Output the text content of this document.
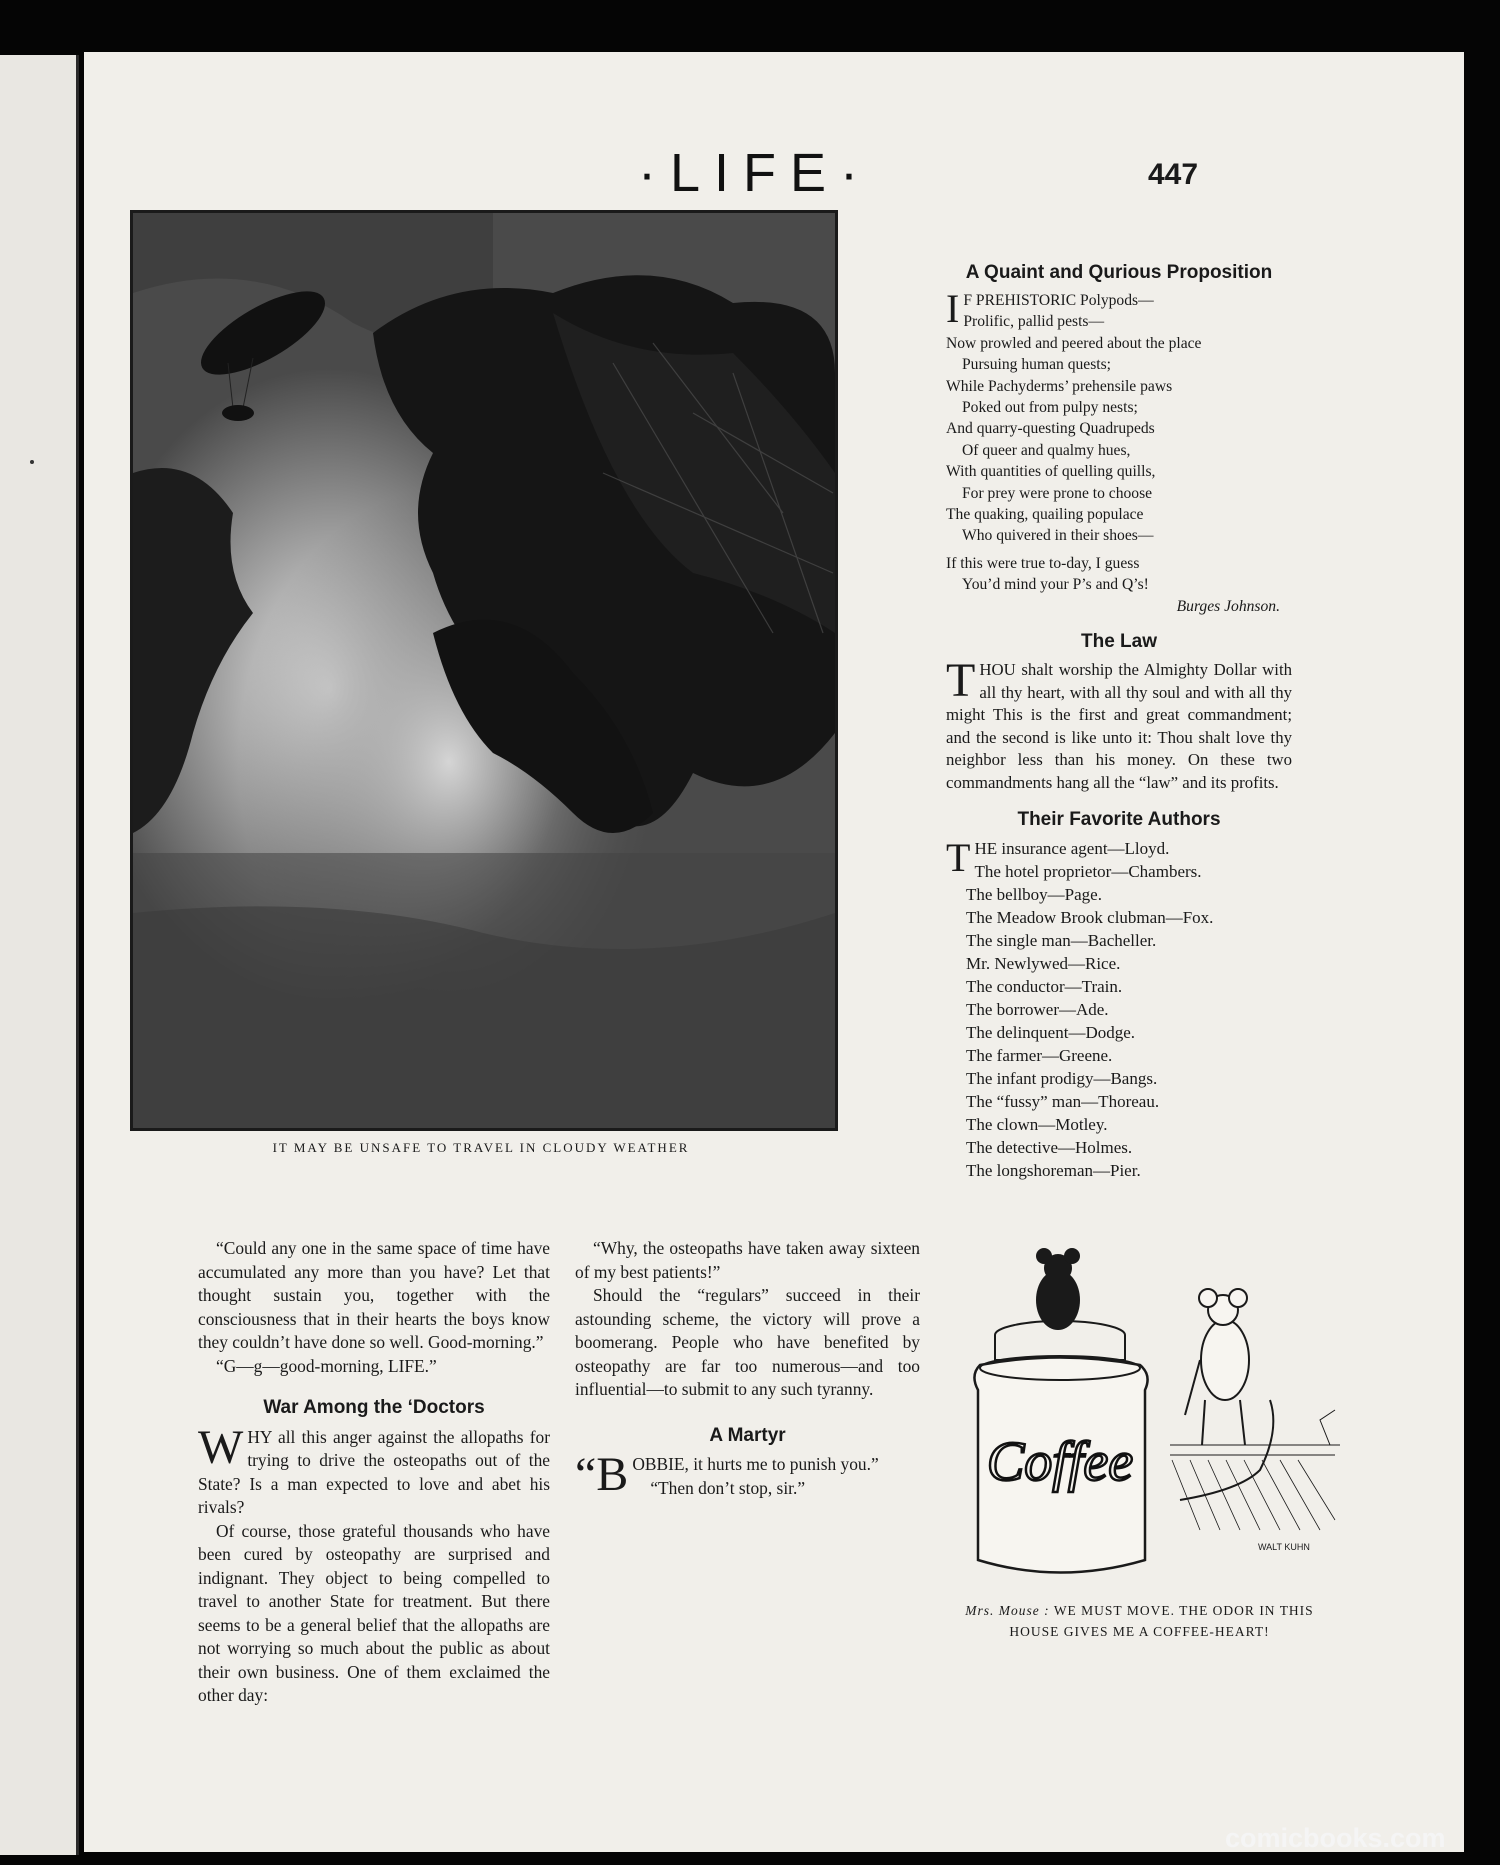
·LIFE·	447
IT MAY BE UNSAFE TO TRAVEL IN CLOUDY WEATHER

“Could any one in the same space of time have accumulated any more than you have? Let that thought sustain you, together with the consciousness that in their hearts the boys know they couldn’t have done so well. Good-morning.”

“G—g—good-morning, LIFE.”

War Among the ‘Doctors

WHY all this anger against the allopaths for trying to drive the osteopaths out of the State? Is a man expected to love and abet his rivals?

Of course, those grateful thousands who have been cured by osteopathy are surprised and indignant. They object to being compelled to travel to another State for treatment. But there seems to be a general belief that the allopaths are not worrying so much about the public as about their own business. One of them exclaimed the other day:

“Why, the osteopaths have taken away sixteen of my best patients!”

Should the “regulars” succeed in their astounding scheme, the victory will prove a boomerang. People who have benefited by osteopathy are far too numerous—and too influential—to submit to any such tyranny.

A Martyr

“BOBBIE, it hurts me to punish you.”

“Then don’t stop, sir.”

A Quaint and Qurious Proposition
I F PREHISTORIC Polypods—
Prolific, pallid pests—
Now prowled and peered about the place
Pursuing human quests;
While Pachyderms’ prehensile paws
Poked out from pulpy nests;
And quarry-questing Quadrupeds
Of queer and qualmy hues,
With quantities of quelling quills,
For prey were prone to choose
The quaking, quailing populace
Who quivered in their shoes—
If this were true to-day, I guess
You’d mind your P’s and Q’s!
Burges Johnson.
The Law
THOU shalt worship the Almighty Dollar with all thy heart, with all thy soul and with all thy might This is the first and great commandment; and the second is like unto it: Thou shalt love thy neighbor less than his money. On these two commandments hang all the “law” and its profits.
Their Favorite Authors
THE insurance agent—Lloyd.
The hotel proprietor—Chambers.
The bellboy—Page.
The Meadow Brook clubman—Fox.
The single man—Bacheller.
Mr. Newlywed—Rice.
The conductor—Train.
The borrower—Ade.
The delinquent—Dodge.
The farmer—Greene.
The infant prodigy—Bangs.
The “fussy” man—Thoreau.
The clown—Motley.
The detective—Holmes.
The longshoreman—Pier.
Coffee
WALT KUHN
Mrs. Mouse : WE MUST MOVE. THE ODOR IN THIS
HOUSE GIVES ME A COFFEE-HEART!
comicbooks.com
